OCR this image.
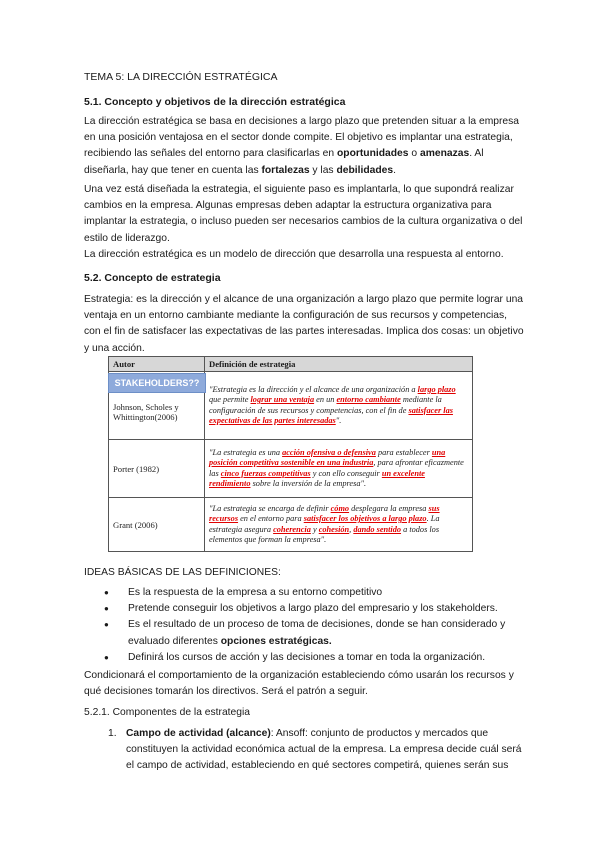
TEMA 5: LA DIRECCIÓN ESTRATÉGICA
5.1. Concepto y objetivos de la dirección estratégica

La dirección estratégica se basa en decisiones a largo plazo que pretenden situar a la empresa en una posición ventajosa en el sector donde compite. El objetivo es implantar una estrategia, recibiendo las señales del entorno para clasificarlas en oportunidades o amenazas. Al diseñarla, hay que tener en cuenta las fortalezas y las debilidades.

Una vez está diseñada la estrategia, el siguiente paso es implantarla, lo que supondrá realizar cambios en la empresa. Algunas empresas deben adaptar la estructura organizativa para implantar la estrategia, o incluso pueden ser necesarios cambios de la cultura organizativa o del estilo de liderazgo.

La dirección estratégica es un modelo de dirección que desarrolla una respuesta al entorno.

5.2. Concepto de estrategia

Estrategia: es la dirección y el alcance de una organización a largo plazo que permite lograr una ventaja en un entorno cambiante mediante la configuración de sus recursos y competencias, con el fin de satisfacer las expectativas de las partes interesadas. Implica dos cosas: un objetivo y una acción.

Autor	Definición de estrategia
Johnson, Scholes y Whittington(2006)	"Estrategia es la dirección y el alcance de una organización a largo plazo que permite lograr una ventaja en un entorno cambiante mediante la configuración de sus recursos y competencias, con el fin de satisfacer las expectativas de las partes interesadas".
Porter (1982)	"La estrategia es una acción ofensiva o defensiva para establecer una posición competitiva sostenible en una industria, para afrontar eficazmente las cinco fuerzas competitivas y con ello conseguir un excelente rendimiento sobre la inversión de la empresa".
Grant (2006)	"La estrategia se encarga de definir cómo desplegara la empresa sus recursos en el entorno para satisfacer los objetivos a largo plazo. La estrategia asegura coherencia y cohesión, dando sentido a todos los elementos que forman la empresa".
STAKEHOLDERS??

IDEAS BÁSICAS DE LAS DEFINICIONES:

● Es la respuesta de la empresa a su entorno competitivo
● Pretende conseguir los objetivos a largo plazo del empresario y los stakeholders.
● Es el resultado de un proceso de toma de decisiones, donde se han considerado y evaluado diferentes opciones estratégicas.
● Definirá los cursos de acción y las decisiones a tomar en toda la organización.

Condicionará el comportamiento de la organización estableciendo cómo usarán los recursos y qué decisiones tomarán los directivos. Será el patrón a seguir.

5.2.1. Componentes de la estrategia

1. Campo de actividad (alcance): Ansoff: conjunto de productos y mercados que constituyen la actividad económica actual de la empresa. La empresa decide cuál será el campo de actividad, estableciendo en qué sectores competirá, quienes serán sus
